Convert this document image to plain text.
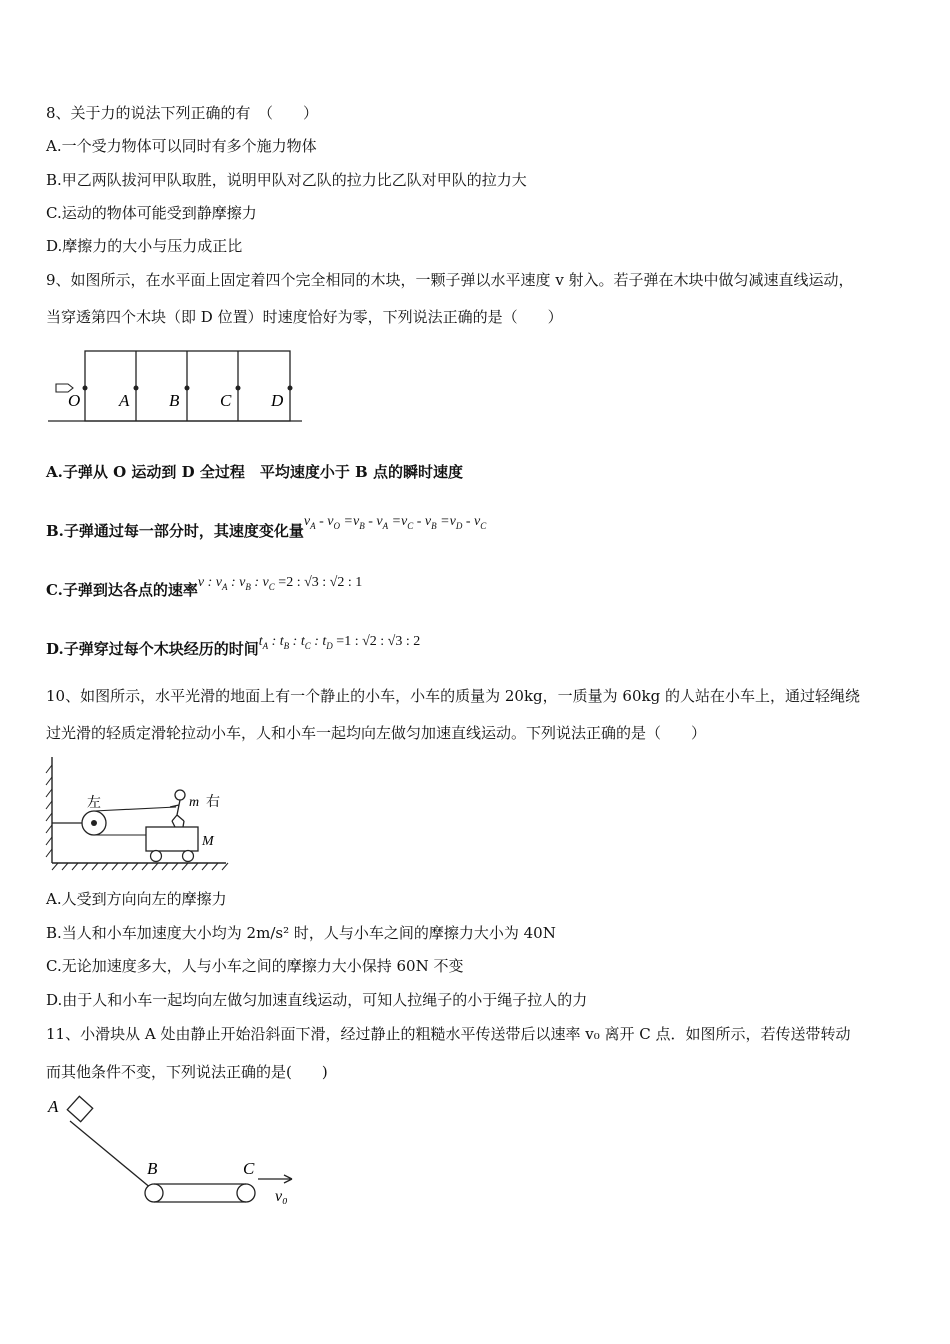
8、关于力的说法下列正确的有　（　　）
A.一个受力物体可以同时有多个施力物体
B.甲乙两队拔河甲队取胜，说明甲队对乙队的拉力比乙队对甲队的拉力大
C.运动的物体可能受到静摩擦力
D.摩擦力的大小与压力成正比
9、如图所示，在水平面上固定着四个完全相同的木块，一颗子弹以水平速度 v 射入。若子弹在木块中做匀减速直线运动，
当穿透第四个木块（即 D 位置）时速度恰好为零，下列说法正确的是（　　）
O A B C D
A.子弹从 O 运动到 D 全过程　平均速度小于 B 点的瞬时速度
B.子弹通过每一部分时，其速度变化量$v_A - v_O =v_B - v_A =v_C - v_B =v_D - v_C$
C.子弹到达各点的速率v : $v_A$ : $v_B$ : $v_C =2$ : √3 : √2 : 1
D.子弹穿过每个木块经历的时间$t_A$ : $t_B$ : $t_C$ : $t_D =1$ : √2 : √3 : 2
10、如图所示，水平光滑的地面上有一个静止的小车，小车的质量为 20kg，一质量为 60kg 的人站在小车上，通过轻绳绕
过光滑的轻质定滑轮拉动小车，人和小车一起均向左做匀加速直线运动。下列说法正确的是（　　）
左	m 右
M
A.人受到方向向左的摩擦力
B.当人和小车加速度大小均为 2m/s² 时，人与小车之间的摩擦力大小为 40N
C.无论加速度多大，人与小车之间的摩擦力大小保持 60N 不变
D.由于人和小车一起均向左做匀加速直线运动，可知人拉绳子的小于绳子拉人的力
11、小滑块从 A 处由静止开始沿斜面下滑，经过静止的粗糙水平传送带后以速率 v₀ 离开 C 点．如图所示，若传送带转动
而其他条件不变，下列说法正确的是(　　)
A
B	C
v₀
